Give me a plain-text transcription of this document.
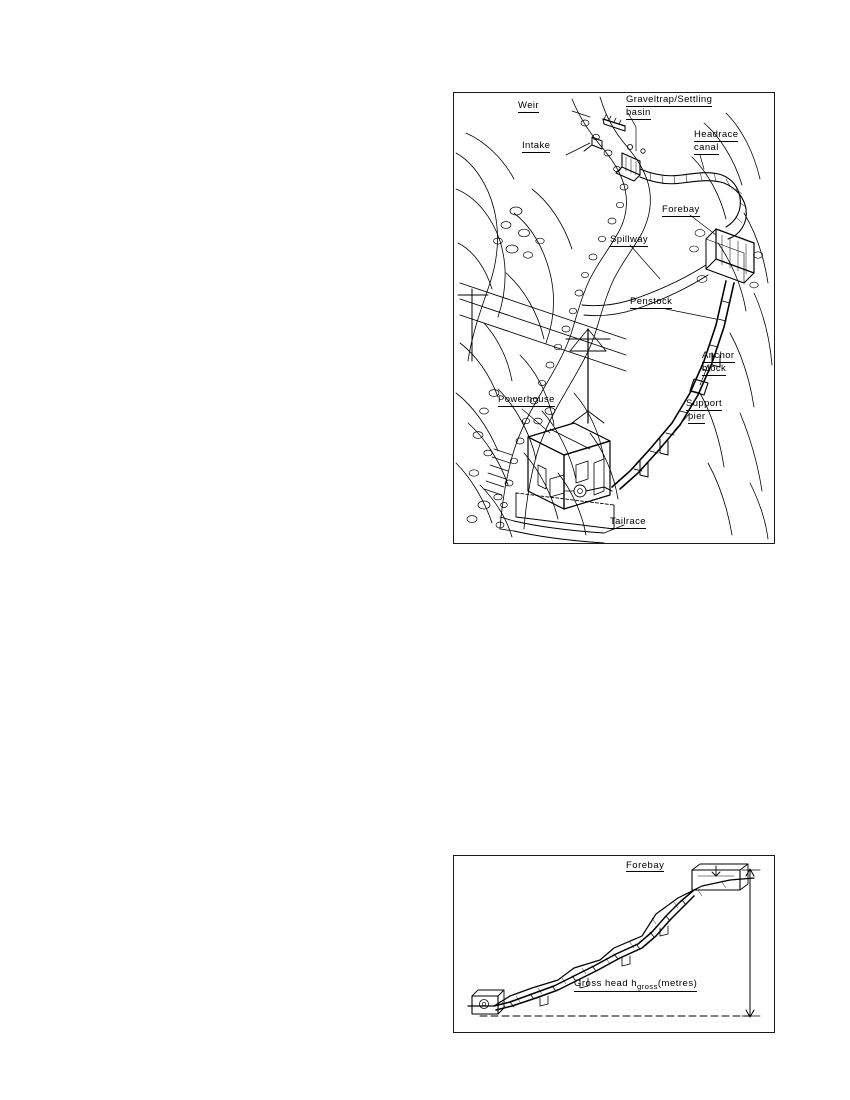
Weir
Graveltrap/Settling
basin
Intake
Headrace
canal
Forebay
Spillway
Penstock
Anchor
block
Support
pier
Powerhouse
Tailrace
Forebay
Gross head $h_{gross}(metres)$
